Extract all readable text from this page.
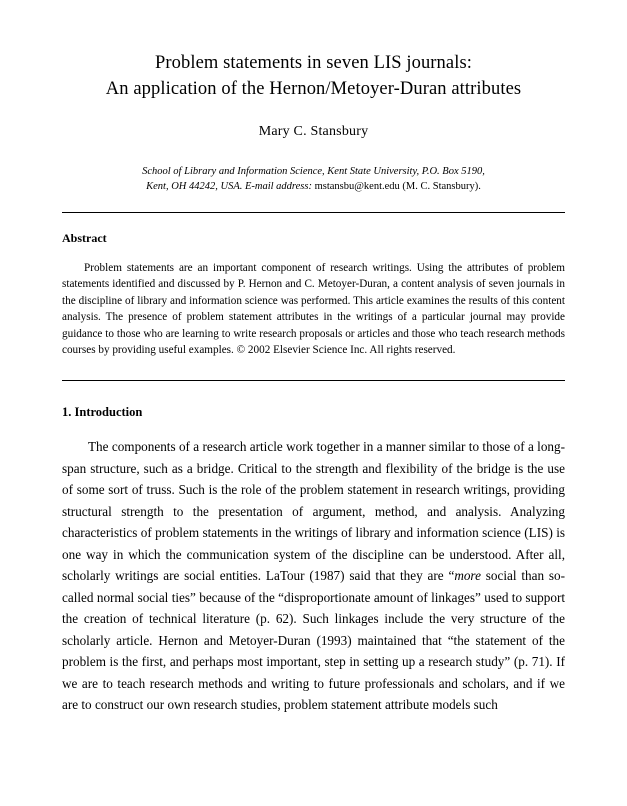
Problem statements in seven LIS journals:
An application of the Hernon/Metoyer-Duran attributes
Mary C. Stansbury
School of Library and Information Science, Kent State University, P.O. Box 5190,
Kent, OH 44242, USA. E-mail address: mstansbu@kent.edu (M. C. Stansbury).
Abstract
Problem statements are an important component of research writings. Using the attributes of problem statements identified and discussed by P. Hernon and C. Metoyer-Duran, a content analysis of seven journals in the discipline of library and information science was performed. This article examines the results of this content analysis. The presence of problem statement attributes in the writings of a particular journal may provide guidance to those who are learning to write research proposals or articles and those who teach research methods courses by providing useful examples. © 2002 Elsevier Science Inc. All rights reserved.
1. Introduction
The components of a research article work together in a manner similar to those of a long-span structure, such as a bridge. Critical to the strength and flexibility of the bridge is the use of some sort of truss. Such is the role of the problem statement in research writings, providing structural strength to the presentation of argument, method, and analysis. Analyzing characteristics of problem statements in the writings of library and information science (LIS) is one way in which the communication system of the discipline can be understood. After all, scholarly writings are social entities. LaTour (1987) said that they are “more social than so-called normal social ties” because of the “disproportionate amount of linkages” used to support the creation of technical literature (p. 62). Such linkages include the very structure of the scholarly article. Hernon and Metoyer-Duran (1993) maintained that “the statement of the problem is the first, and perhaps most important, step in setting up a research study” (p. 71). If we are to teach research methods and writing to future professionals and scholars, and if we are to construct our own research studies, problem statement attribute models such
